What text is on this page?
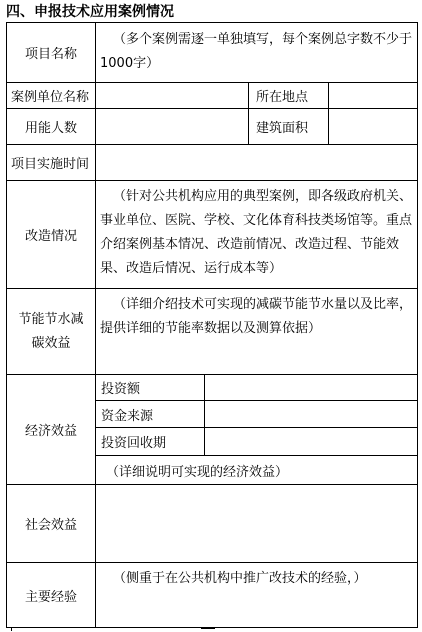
四、申报技术应用案例情况
项目名称
（多个案例需逐一单独填写，每个案例总字数不少于1000字）
案例单位名称	所在地点
用能人数	建筑面积
项目实施时间
改造情况
（针对公共机构应用的典型案例，即各级政府机关、事业单位、医院、学校、文化体育科技类场馆等。重点介绍案例基本情况、改造前情况、改造过程、节能效果、改造后情况、运行成本等）
节能节水减碳效益
（详细介绍技术可实现的减碳节能节水量以及比率，提供详细的节能率数据以及测算依据）
经济效益
投资额
资金来源
投资回收期
（详细说明可实现的经济效益）
社会效益
主要经验
（侧重于在公共机构中推广改技术的经验，）
